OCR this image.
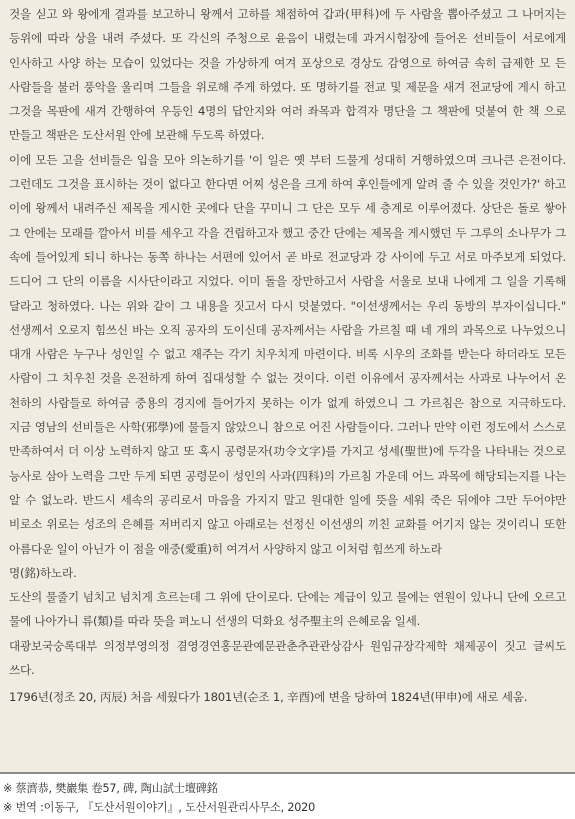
것을 싣고 와 왕에게 결과를 보고하니 왕께서 고하를 채점하여 갑과(甲科)에 두 사람을 뽑아주셨고 그 나머지는 등위에 따라 상을 내려 주셨다. 또 각신의 주청으로 윤음이 내렸는데 과거시험장에 들어온 선비들이 서로에게 인사하고 사양 하는 모습이 있었다는 것을 가상하게 여겨 포상으로 경상도 감영으로 하여금 속히 급제한 모 든 사람들을 불러 풍악을 울리며 그들을 위로해 주게 하였다. 또 명하기를 전교 및 제문을 새겨 전교당에 게시 하고 그것을 목판에 새겨 간행하여 우등인 4명의 답안지와 여러 좌목과 합격자 명단을 그 책판에 덧붙여 한 책 으로 만들고 책판은 도산서원 안에 보관해 두도록 하였다.

이에 모든 고을 선비들은 입을 모아 의논하기를 '이 일은 옛 부터 드물게 성대히 거행하였으며 크나큰 은전이다. 그런데도 그것을 표시하는 것이 없다고 한다면 어찌 성은을 크게 하여 후인들에게 알려 줄 수 있을 것인가?' 하고 이에 왕께서 내려주신 제목을 게시한 곳에다 단을 꾸미니 그 단은 모두 세 층계로 이루어졌다. 상단은 돌로 쌓아 그 안에는 모래를 깔아서 비를 세우고 각을 건립하고자 했고 중간 단에는 제목을 게시했던 두 그루의 소나무가 그 속에 들어있게 되니 하나는 동쪽 하나는 서편에 있어서 곧 바로 전교당과 강 사이에 두고 서로 마주보게 되었다. 드디어 그 단의 이름을 시사단이라고 지었다. 이미 돌을 장만하고서 사람을 서울로 보내 나에게 그 일을 기록해 달라고 청하였다. 나는 위와 같이 그 내용을 짓고서 다시 덧붙였다. "이선생께서는 우리 동방의 부자이십니다." 선생께서 오로지 힘쓰신 바는 오직 공자의 도이신데 공자께서는 사람을 가르칠 때 네 개의 과목으로 나누었으니 대개 사람은 누구나 성인일 수 없고 재주는 각기 치우치게 마련이다. 비록 시우의 조화를 받는다 하더라도 모든 사람이 그 치우친 것을 온전하게 하여 집대성할 수 없는 것이다. 이런 이유에서 공자께서는 사과로 나누어서 온 천하의 사람들로 하여금 중용의 경지에 들어가지 못하는 이가 없게 하였으니 그 가르침은 참으로 지극하도다. 지금 영남의 선비들은 사학(邪學)에 물들지 않았으니 참으로 어진 사람들이다. 그러나 만약 이런 정도에서 스스로 만족하여서 더 이상 노력하지 않고 또 혹시 공령문자(功令文字)를 가지고 성세(聖世)에 두각을 나타내는 것으로 능사로 삼아 노력을 그만 두게 되면 공령문이 성인의 사과(四科)의 가르침 가운데 어느 과목에 해당되는지를 나는 알 수 없노라. 반드시 세속의 공리로서 마음을 가지지 말고 원대한 일에 뜻을 세워 죽은 뒤에야 그만 두어야만 비로소 위로는 성조의 은혜를 저버리지 않고 아래로는 선정신 이선생의 끼친 교화를 어기지 않는 것이리니 또한 아름다운 일이 아닌가 이 점을 애중(愛重)히 여겨서 사양하지 않고 이처럼 힘쓰게 하노라

명(銘)하노라.

도산의 물줄기 넘치고 넘치게 흐르는데 그 위에 단이로다. 단에는 계급이 있고 물에는 연원이 있나니 단에 오르고 물에 나아가니 류(類)를 따라 뜻을 펴노니 선생의 덕화요 성주聖主의 은혜로움 일세.

대광보국숭록대부 의정부영의정 겸영경연홍문관예문관춘추관관상감사 원임규장각제학 채제공이 짓고 글씨도 쓰다.

1796년(정조 20, 丙辰) 처음 세웠다가 1801년(순조 1, 辛酉)에 변을 당하여 1824년(甲申)에 새로 세움.

※ 蔡濟恭, 樊巖集 卷57, 碑, 陶山試士壇碑銘
※ 번역 :이동구, 『도산서원이야기』, 도산서원관리사무소, 2020
